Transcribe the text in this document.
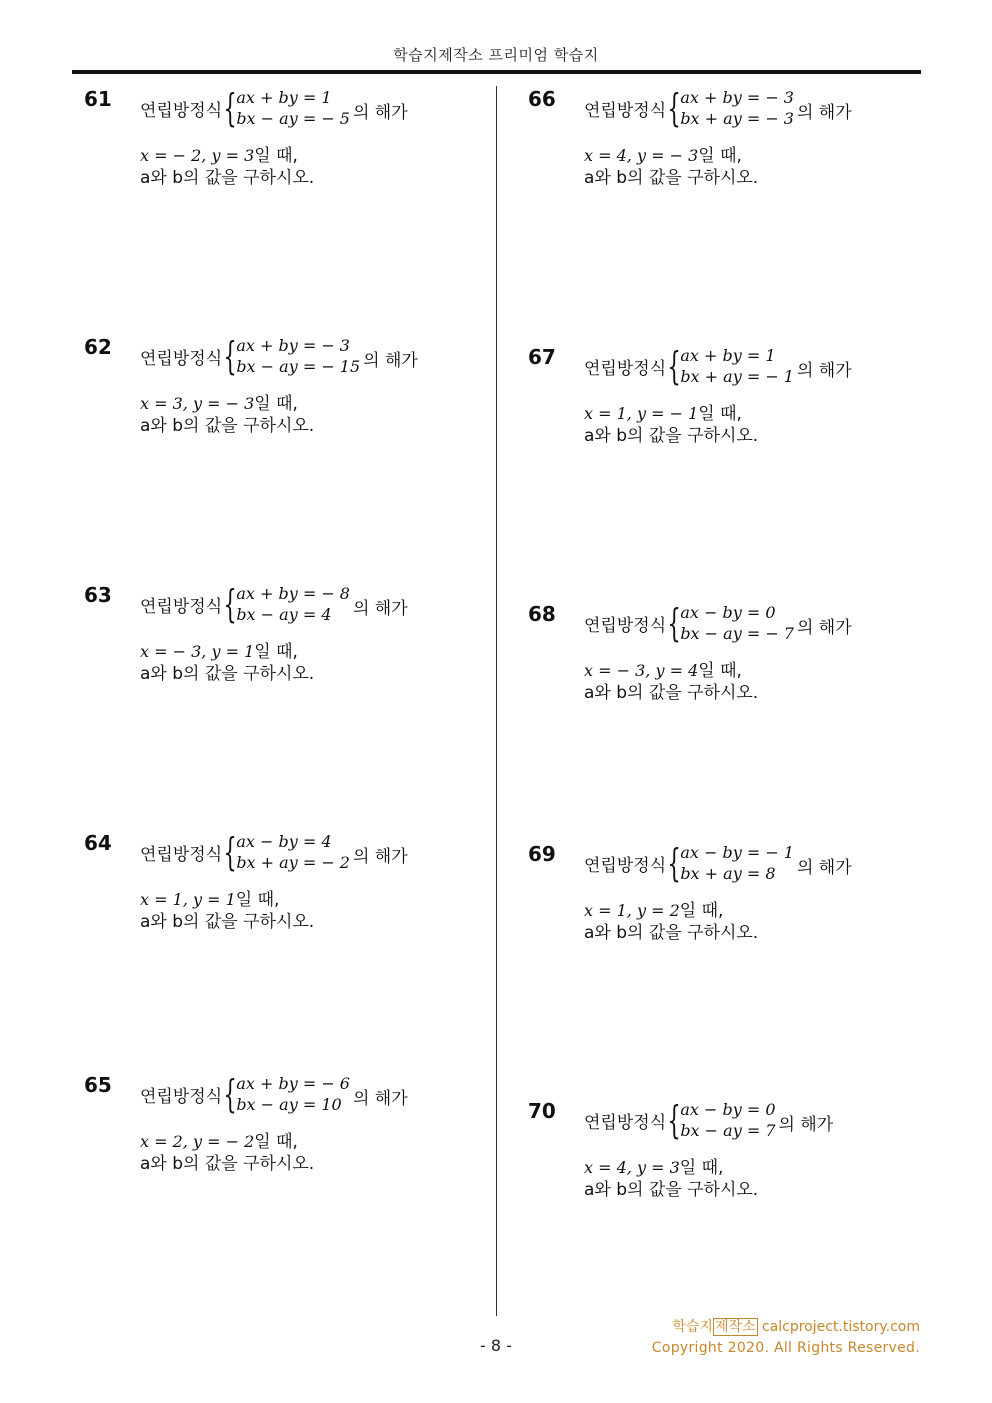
학습지제작소 프리미엄 학습지
61 연립방정식 { ax + by = 1
bx − ay = − 5 의 해가
x = − 2, y = 3일 때,
a와 b의 값을 구하시오.
62 연립방정식 { ax + by = − 3
bx − ay = − 15 의 해가
x = 3, y = − 3일 때,
a와 b의 값을 구하시오.
63 연립방정식 { ax + by = − 8
bx − ay = 4	의 해가
x = − 3, y = 1일 때,
a와 b의 값을 구하시오.
64 연립방정식 { ax − by = 4
bx + ay = − 2 의 해가
x = 1, y = 1일 때,
a와 b의 값을 구하시오.
65 연립방정식 { ax + by = − 6
bx − ay = 10 의 해가
x = 2, y = − 2일 때,
a와 b의 값을 구하시오.
66 연립방정식 { ax + by = − 3
bx + ay = − 3 의 해가
x = 4, y = − 3일 때,
a와 b의 값을 구하시오.
67 연립방정식 { ax + by = 1
bx + ay = − 1 의 해가
x = 1, y = − 1일 때,
a와 b의 값을 구하시오.
68 연립방정식 { ax − by = 0
bx − ay = − 7 의 해가
x = − 3, y = 4일 때,
a와 b의 값을 구하시오.
69 연립방정식 { ax − by = − 1
bx + ay = 8	의 해가
x = 1, y = 2일 때,
a와 b의 값을 구하시오.
70 연립방정식 { ax − by = 0
bx − ay = 7 의 해가
x = 4, y = 3일 때,
a와 b의 값을 구하시오.
학습지 제작소 calcproject.tistory.com
Copyright 2020. All Rights Reserved.
- 8 -
